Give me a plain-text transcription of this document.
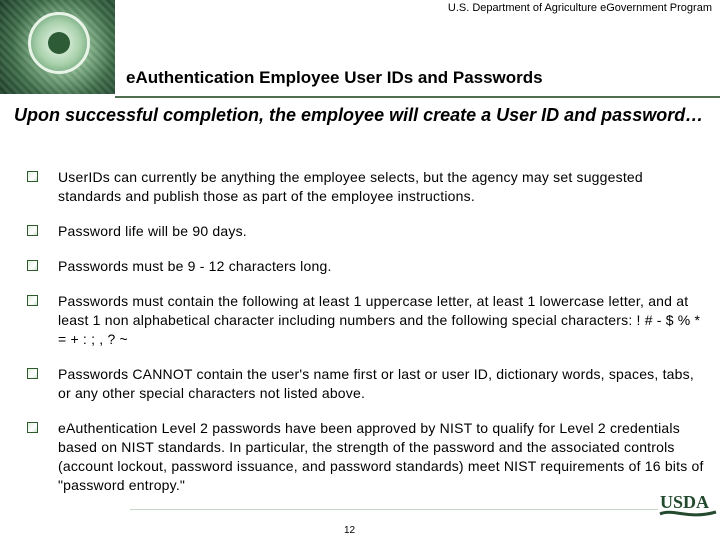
U.S. Department of Agriculture eGovernment Program
eAuthentication Employee User IDs and Passwords
Upon successful completion, the employee will create a User ID and password…
UserIDs can currently be anything the employee selects, but the agency may set suggested standards and publish those as part of the employee instructions.
Password life will be 90 days.
Passwords must be 9 - 12 characters long.
Passwords must contain the following at least 1 uppercase letter, at least 1 lowercase letter, and at least 1 non alphabetical character including numbers and the following special characters: ! # - $ % * = + : ; , ? ~
Passwords CANNOT contain the user's name first or last or user ID, dictionary words, spaces, tabs, or any other special characters not listed above.
eAuthentication Level 2 passwords have been approved by NIST to qualify for Level 2 credentials based on NIST standards. In particular, the strength of the password and the associated controls (account lockout, password issuance, and password standards) meet NIST requirements of 16 bits of "password entropy."
12
USDA
